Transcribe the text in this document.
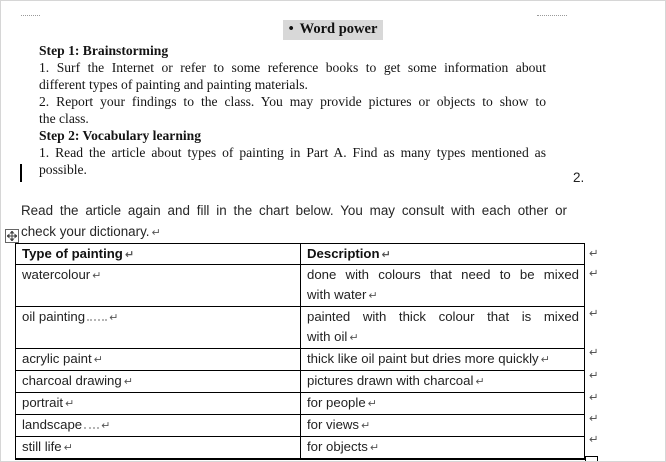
• Word power
Step 1: Brainstorming
1. Surf the Internet or refer to some reference books to get some information about
different types of painting and painting materials.
2. Report your findings to the class. You may provide pictures or objects to show to
the class.
Step 2: Vocabulary learning
1. Read the article about types of painting in Part A. Find as many types mentioned as
possible.
2.
Read the article again and fill in the chart below. You may consult with each other or
check your dictionary. ↵
Type of painting ↵	Description ↵
watercolour ↵	done with colours that need to be mixed
with water ↵

oil painting ↵	painted with thick colour that is mixed
with oil ↵

acrylic paint ↵	thick like oil paint but dries more quickly ↵
charcoal drawing ↵	pictures drawn with charcoal ↵
portrait ↵	for people ↵
landscape ↵	for views ↵
still life ↵	for objects ↵
↵
↵
↵
↵
↵
↵
↵
↵
